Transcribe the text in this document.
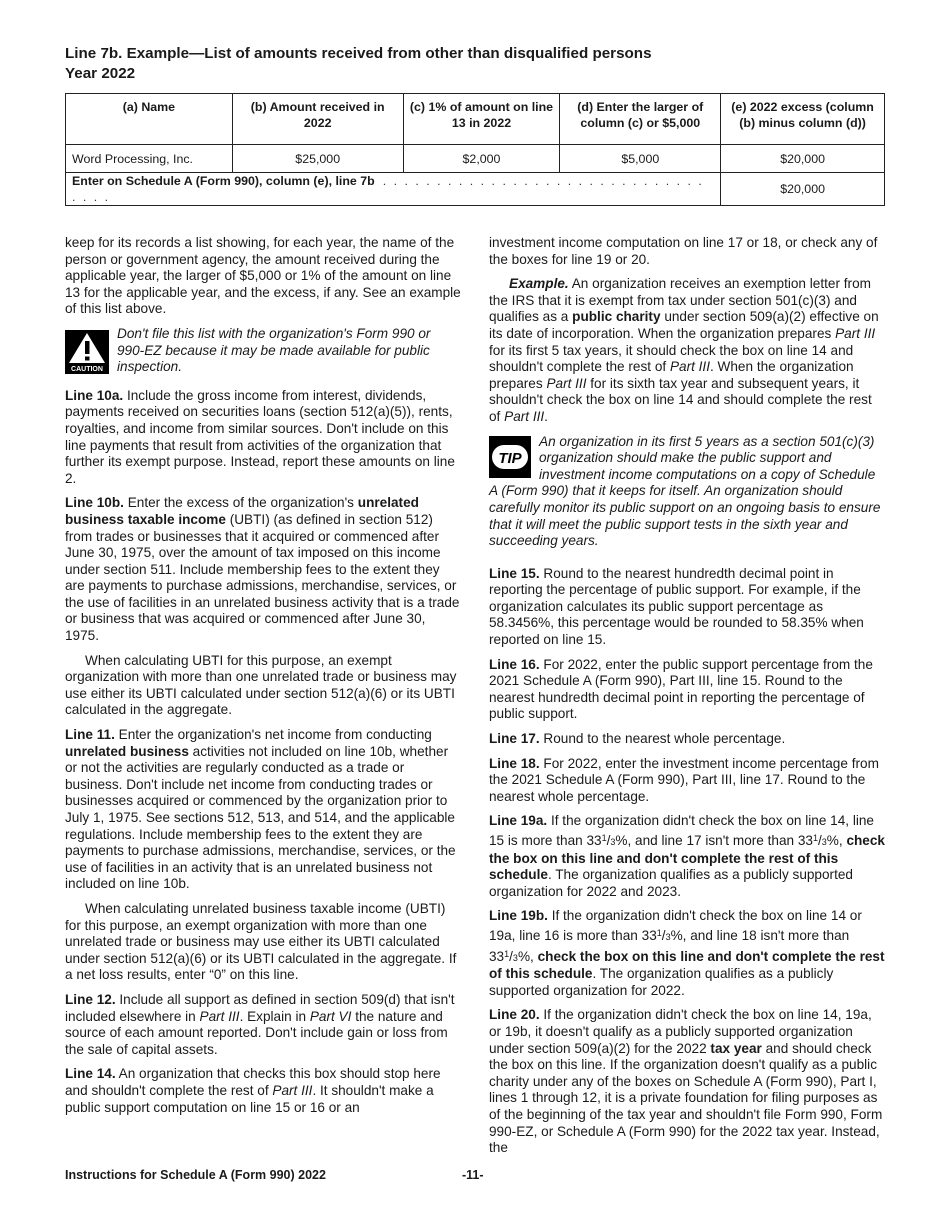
Line 7b. Example—List of amounts received from other than disqualified persons
Year 2022
(a) Name	(b) Amount received in 2022	(c) 1% of amount on line 13 in 2022	(d) Enter the larger of column (c) or $5,000	(e) 2022 excess (column (b) minus column (d))
Word Processing, Inc.	$25,000	$2,000	$5,000	$20,000
Enter on Schedule A (Form 990), column (e), line 7b . . . . . . . . . . . . . . . . . . . . . . . . . . . . . . . . . .				$20,000

keep for its records a list showing, for each year, the name of the person or government agency, the amount received during the applicable year, the larger of $5,000 or 1% of the amount on line 13 for the applicable year, and the excess, if any. See an example of this list above.

CAUTION
Don't file this list with the organization's Form 990 or 990-EZ because it may be made available for public inspection.

Line 10a. Include the gross income from interest, dividends, payments received on securities loans (section 512(a)(5)), rents, royalties, and income from similar sources. Don't include on this line payments that result from activities of the organization that further its exempt purpose. Instead, report these amounts on line 2.

Line 10b. Enter the excess of the organization's unrelated business taxable income (UBTI) (as defined in section 512) from trades or businesses that it acquired or commenced after June 30, 1975, over the amount of tax imposed on this income under section 511. Include membership fees to the extent they are payments to purchase admissions, merchandise, services, or the use of facilities in an unrelated business activity that is a trade or business that was acquired or commenced after June 30, 1975.

When calculating UBTI for this purpose, an exempt organization with more than one unrelated trade or business may use either its UBTI calculated under section 512(a)(6) or its UBTI calculated in the aggregate.

Line 11. Enter the organization's net income from conducting unrelated business activities not included on line 10b, whether or not the activities are regularly conducted as a trade or business. Don't include net income from conducting trades or businesses acquired or commenced by the organization prior to July 1, 1975. See sections 512, 513, and 514, and the applicable regulations. Include membership fees to the extent they are payments to purchase admissions, merchandise, services, or the use of facilities in an activity that is an unrelated business not included on line 10b.

When calculating unrelated business taxable income (UBTI) for this purpose, an exempt organization with more than one unrelated trade or business may use either its UBTI calculated under section 512(a)(6) or its UBTI calculated in the aggregate. If a net loss results, enter “0” on this line.

Line 12. Include all support as defined in section 509(d) that isn't included elsewhere in Part III. Explain in Part VI the nature and source of each amount reported. Don't include gain or loss from the sale of capital assets.

Line 14. An organization that checks this box should stop here and shouldn't complete the rest of Part III. It shouldn't make a public support computation on line 15 or 16 or an

investment income computation on line 17 or 18, or check any of the boxes for line 19 or 20.

Example. An organization receives an exemption letter from the IRS that it is exempt from tax under section 501(c)(3) and qualifies as a public charity under section 509(a)(2) effective on its date of incorporation. When the organization prepares Part III for its first 5 tax years, it should check the box on line 14 and shouldn't complete the rest of Part III. When the organization prepares Part III for its sixth tax year and subsequent years, it shouldn't check the box on line 14 and should complete the rest of Part III.

TIP
An organization in its first 5 years as a section 501(c)(3) organization should make the public support and investment income computations on a copy of Schedule A (Form 990) that it keeps for itself. An organization should carefully monitor its public support on an ongoing basis to ensure that it will meet the public support tests in the sixth year and succeeding years.

Line 15. Round to the nearest hundredth decimal point in reporting the percentage of public support. For example, if the organization calculates its public support percentage as 58.3456%, this percentage would be rounded to 58.35% when reported on line 15.

Line 16. For 2022, enter the public support percentage from the 2021 Schedule A (Form 990), Part III, line 15. Round to the nearest hundredth decimal point in reporting the percentage of public support.

Line 17. Round to the nearest whole percentage.

Line 18. For 2022, enter the investment income percentage from the 2021 Schedule A (Form 990), Part III, line 17. Round to the nearest whole percentage.

Line 19a. If the organization didn't check the box on line 14, line 15 is more than $33^1/3\%$, and line 17 isn't more than $33^1/3\%$, check the box on this line and don't complete the rest of this schedule. The organization qualifies as a publicly supported organization for 2022 and 2023.

Line 19b. If the organization didn't check the box on line 14 or 19a, line 16 is more than $33^1/3\%$, and line 18 isn't more than $33^1/3\%$, check the box on this line and don't complete the rest of this schedule. The organization qualifies as a publicly supported organization for 2022.

Line 20. If the organization didn't check the box on line 14, 19a, or 19b, it doesn't qualify as a publicly supported organization under section 509(a)(2) for the 2022 tax year and should check the box on this line. If the organization doesn't qualify as a public charity under any of the boxes on Schedule A (Form 990), Part I, lines 1 through 12, it is a private foundation for filing purposes as of the beginning of the tax year and shouldn't file Form 990, Form 990-EZ, or Schedule A (Form 990) for the 2022 tax year. Instead, the

Instructions for Schedule A (Form 990) 2022	-11-
